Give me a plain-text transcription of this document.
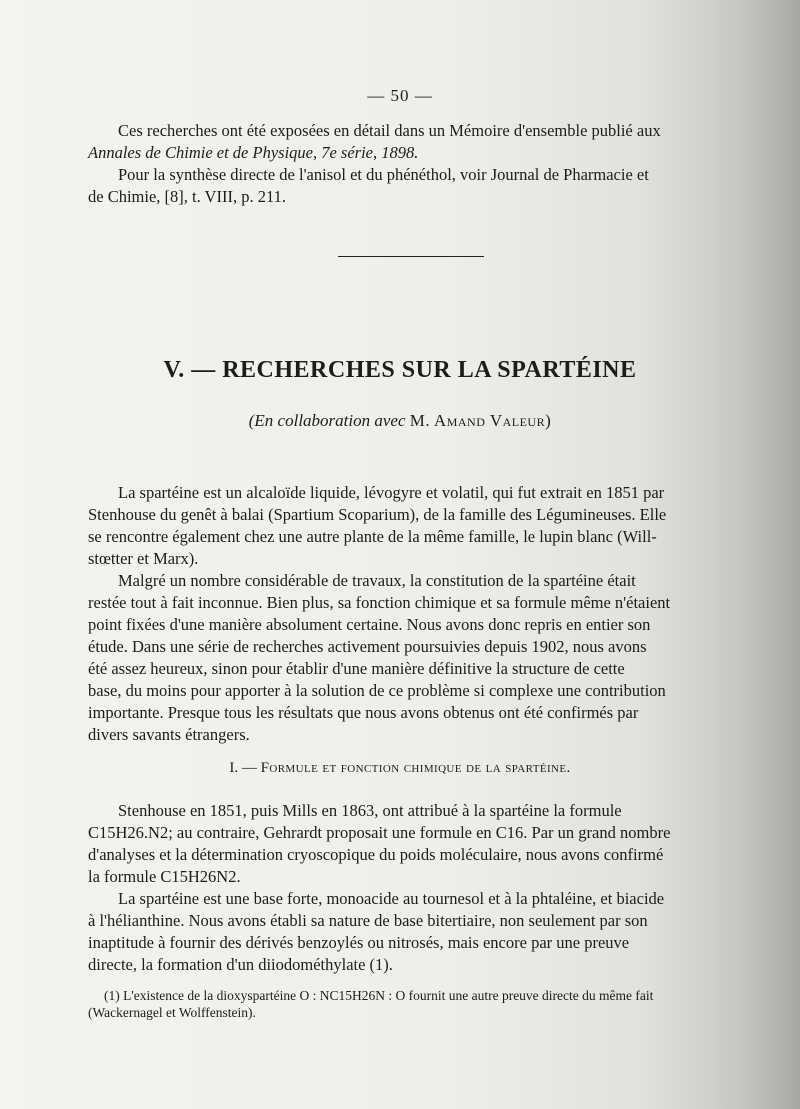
— 50 —
Ces recherches ont été exposées en détail dans un Mémoire d'ensemble publié aux
Annales de Chimie et de Physique, 7e série, 1898.
Pour la synthèse directe de l'anisol et du phénéthol, voir Journal de Pharmacie et
de Chimie, [8], t. VIII, p. 211.
V. — RECHERCHES SUR LA SPARTÉINE
(En collaboration avec M. Amand Valeur)
La spartéine est un alcaloïde liquide, lévogyre et volatil, qui fut extrait en 1851 par
Stenhouse du genêt à balai (Spartium Scoparium), de la famille des Légumineuses. Elle
se rencontre également chez une autre plante de la même famille, le lupin blanc (Will-
stœtter et Marx).
Malgré un nombre considérable de travaux, la constitution de la spartéine était
restée tout à fait inconnue. Bien plus, sa fonction chimique et sa formule même n'étaient
point fixées d'une manière absolument certaine. Nous avons donc repris en entier son
étude. Dans une série de recherches activement poursuivies depuis 1902, nous avons
été assez heureux, sinon pour établir d'une manière définitive la structure de cette
base, du moins pour apporter à la solution de ce problème si complexe une contribution
importante. Presque tous les résultats que nous avons obtenus ont été confirmés par
divers savants étrangers.
I. — Formule et fonction chimique de la spartéine.
Stenhouse en 1851, puis Mills en 1863, ont attribué à la spartéine la formule
C15H26.N2; au contraire, Gehrardt proposait une formule en C16. Par un grand nombre
d'analyses et la détermination cryoscopique du poids moléculaire, nous avons confirmé
la formule C15H26N2.
La spartéine est une base forte, monoacide au tournesol et à la phtaléine, et biacide
à l'hélianthine. Nous avons établi sa nature de base bitertiaire, non seulement par son
inaptitude à fournir des dérivés benzoylés ou nitrosés, mais encore par une preuve
directe, la formation d'un diiodométhylate (1).
(1) L'existence de la dioxyspartéine O : NC15H26N : O fournit une autre preuve directe du même fait
(Wackernagel et Wolffenstein).
